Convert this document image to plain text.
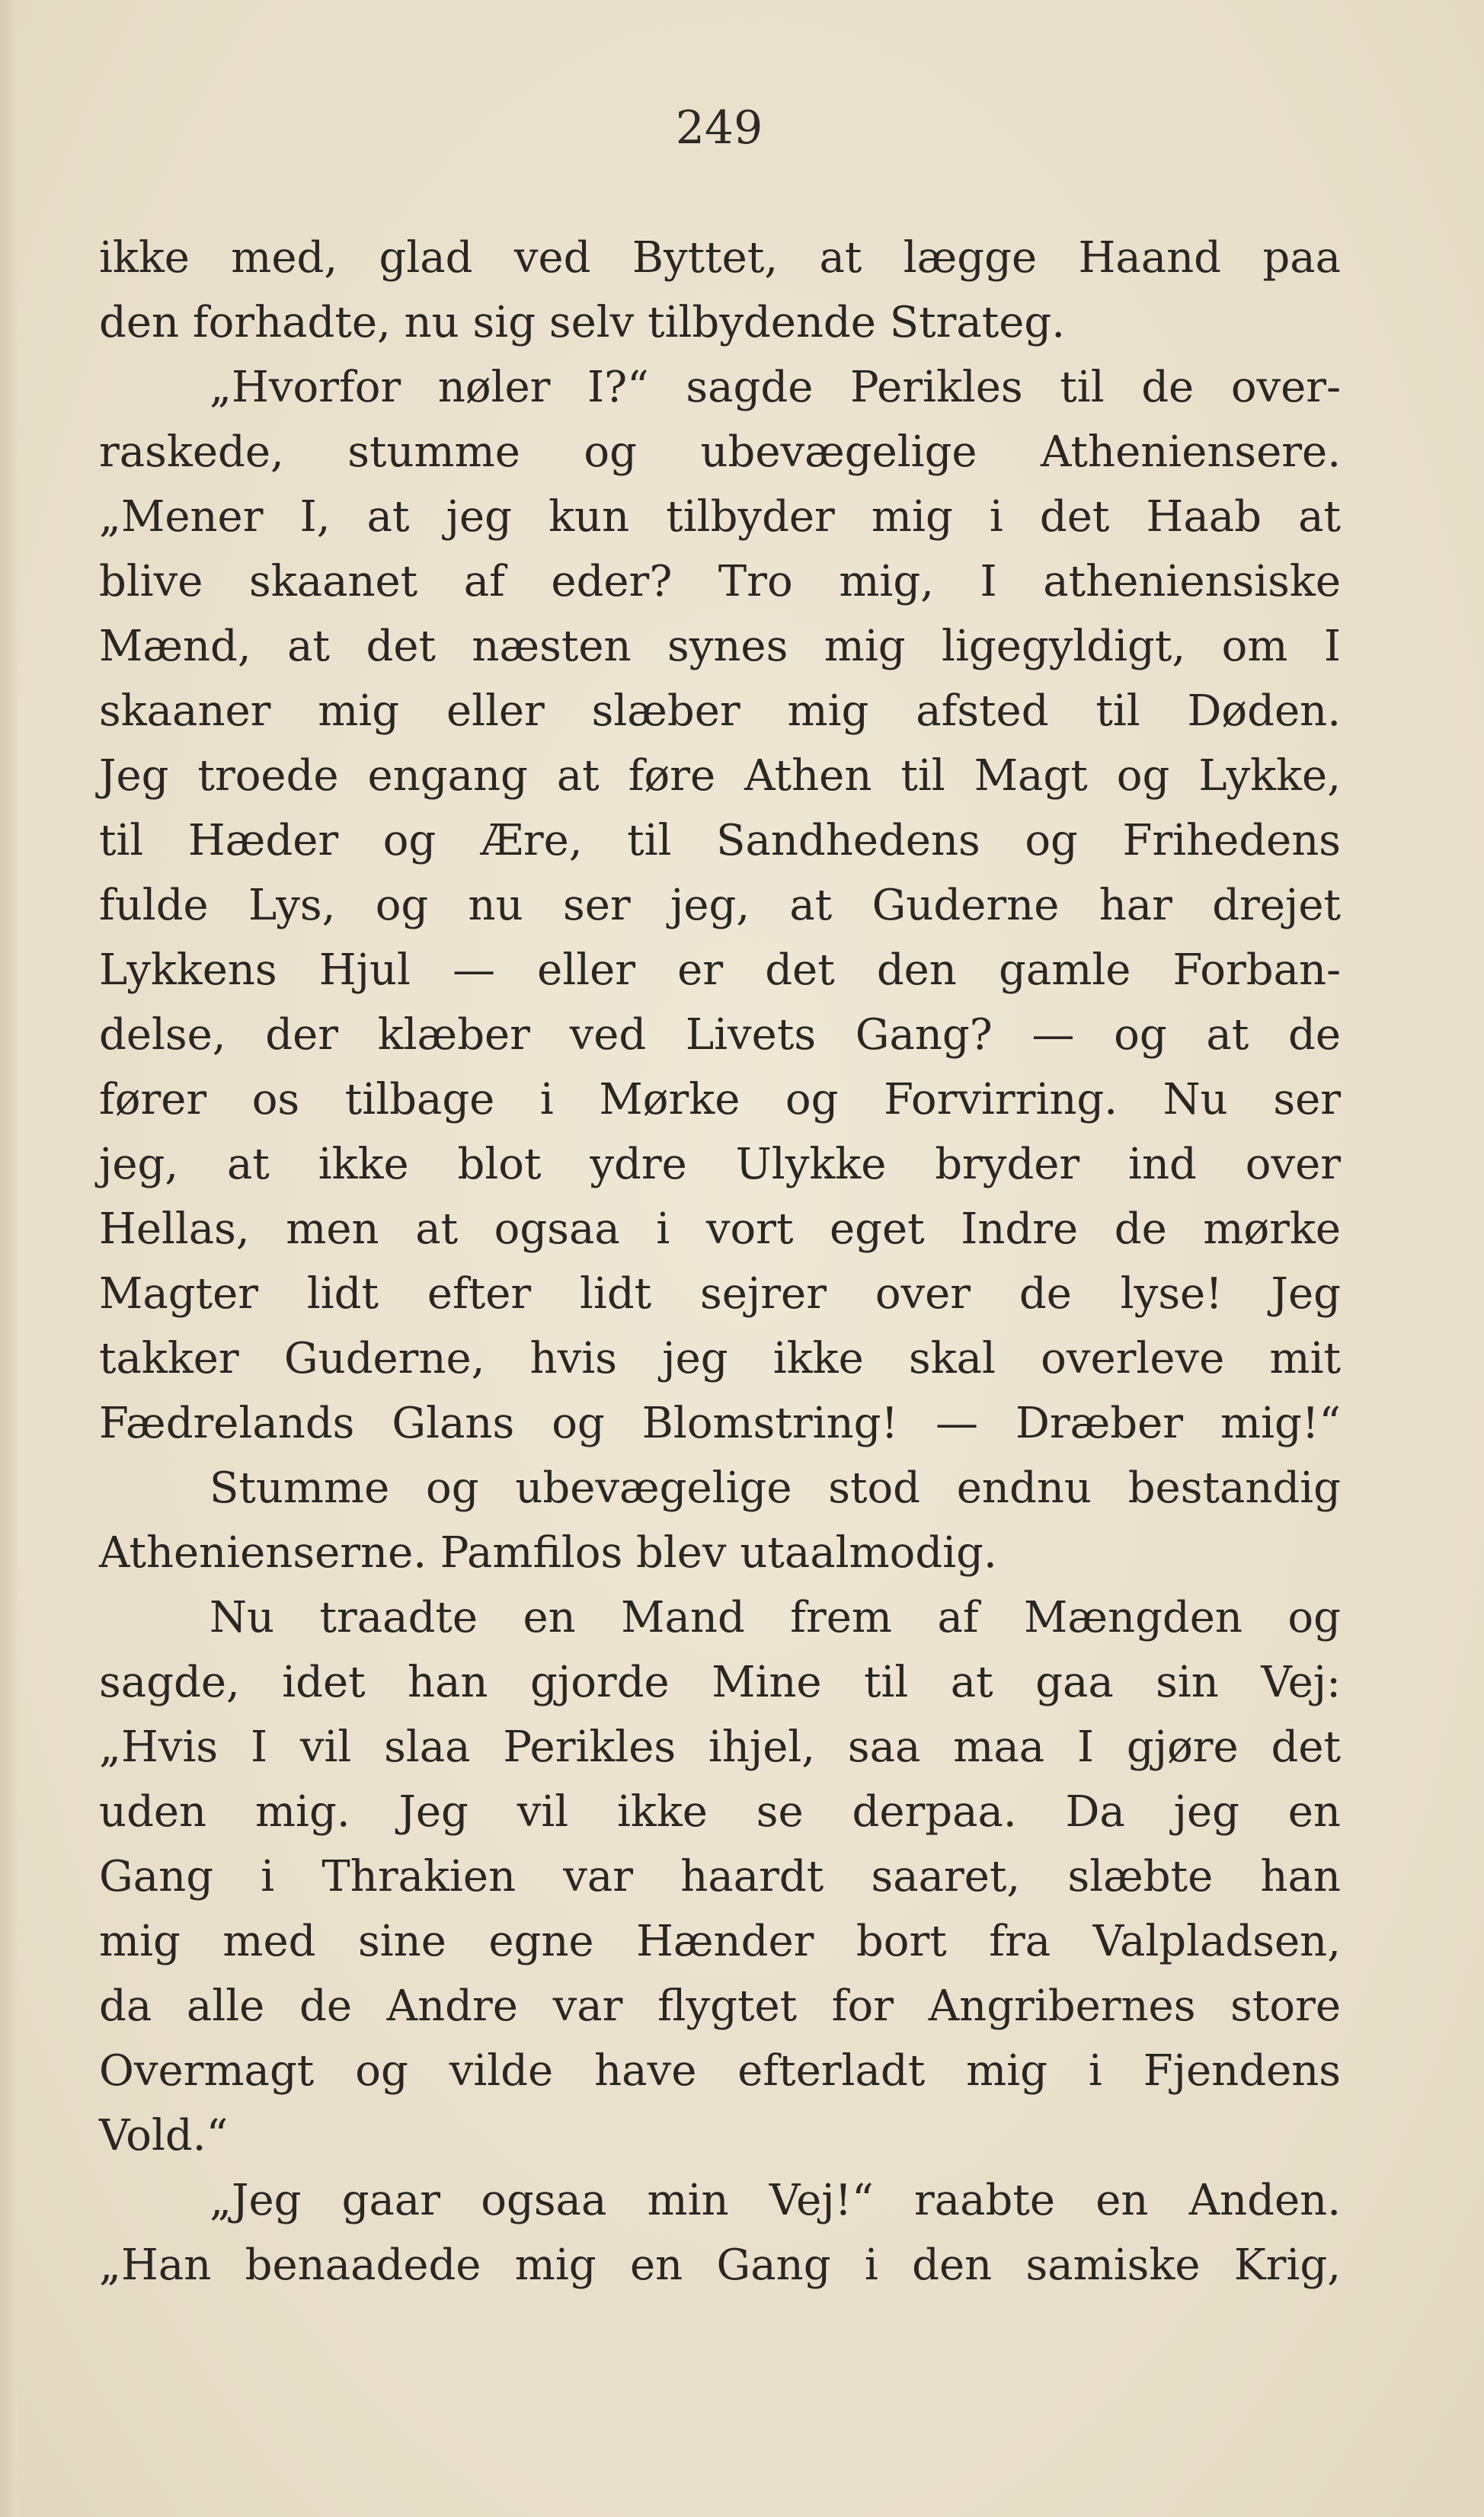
249
ikke med, glad ved Byttet, at lægge Haand paa
den forhadte, nu sig selv tilbydende Strateg.
„Hvorfor nøler I?“ sagde Perikles til de over-
raskede, stumme og ubevægelige Atheniensere.
„Mener I, at jeg kun tilbyder mig i det Haab at
blive skaanet af eder? Tro mig, I atheniensiske
Mænd, at det næsten synes mig ligegyldigt, om I
skaaner mig eller slæber mig afsted til Døden.
Jeg troede engang at føre Athen til Magt og Lykke,
til Hæder og Ære, til Sandhedens og Frihedens
fulde Lys, og nu ser jeg, at Guderne har drejet
Lykkens Hjul — eller er det den gamle Forban-
delse, der klæber ved Livets Gang? — og at de
fører os tilbage i Mørke og Forvirring. Nu ser
jeg, at ikke blot ydre Ulykke bryder ind over
Hellas, men at ogsaa i vort eget Indre de mørke
Magter lidt efter lidt sejrer over de lyse! Jeg
takker Guderne, hvis jeg ikke skal overleve mit
Fædrelands Glans og Blomstring! — Dræber mig!“
Stumme og ubevægelige stod endnu bestandig
Athenienserne. Pamfilos blev utaalmodig.
Nu traadte en Mand frem af Mængden og
sagde, idet han gjorde Mine til at gaa sin Vej:
„Hvis I vil slaa Perikles ihjel, saa maa I gjøre det
uden mig. Jeg vil ikke se derpaa. Da jeg en
Gang i Thrakien var haardt saaret, slæbte han
mig med sine egne Hænder bort fra Valpladsen,
da alle de Andre var flygtet for Angribernes store
Overmagt og vilde have efterladt mig i Fjendens
Vold.“
„Jeg gaar ogsaa min Vej!“ raabte en Anden.
„Han benaadede mig en Gang i den samiske Krig,
